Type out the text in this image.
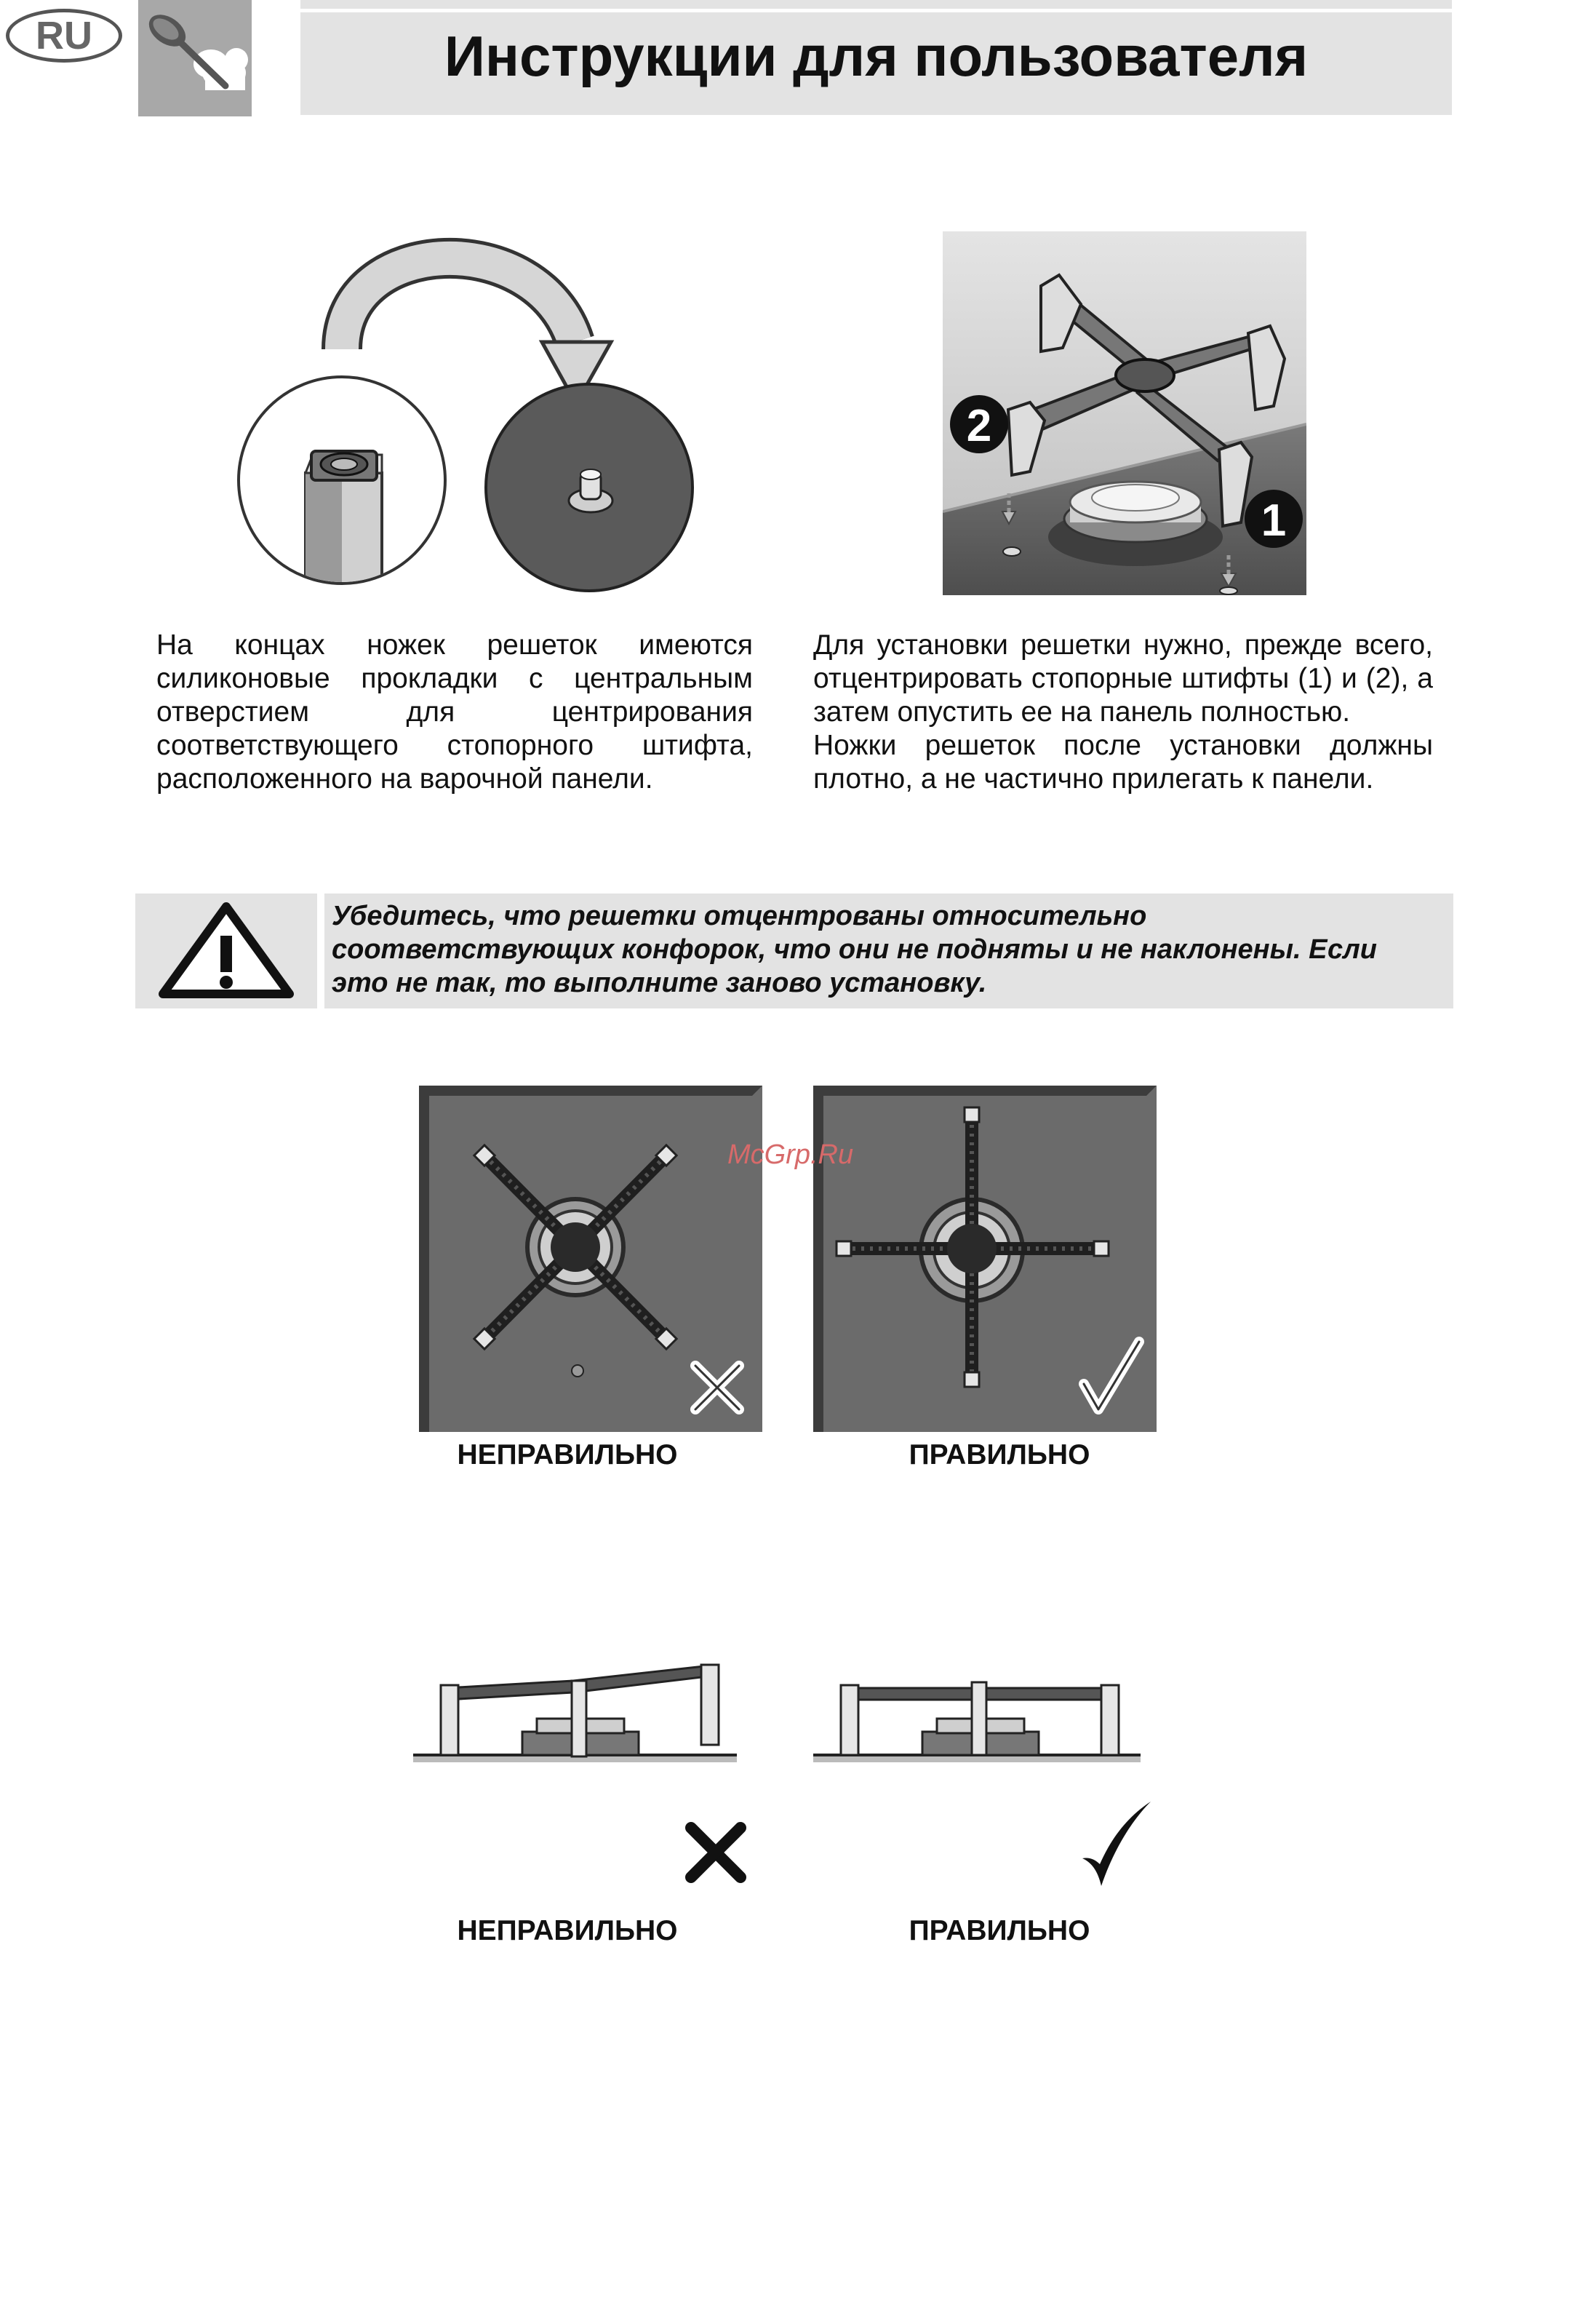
RU	Инструкции для пользователя
2
1

На концах ножек решеток имеются силиконовые прокладки с центральным отверстием для центрирования соответствующего стопорного штифта, расположенного на варочной панели.

Для установки решетки нужно, прежде всего, отцентрировать стопорные штифты (1) и (2), а затем опустить ее на панель полностью.

Ножки решеток после установки должны плотно, а не частично прилегать к панели.

Убедитесь, что решетки отцентрованы относительно соответствующих конфорок, что они не подняты и не наклонены. Если это не так, то выполните заново установку.
McGrp.Ru
НЕПРАВИЛЬНО	ПРАВИЛЬНО
НЕПРАВИЛЬНО	ПРАВИЛЬНО
